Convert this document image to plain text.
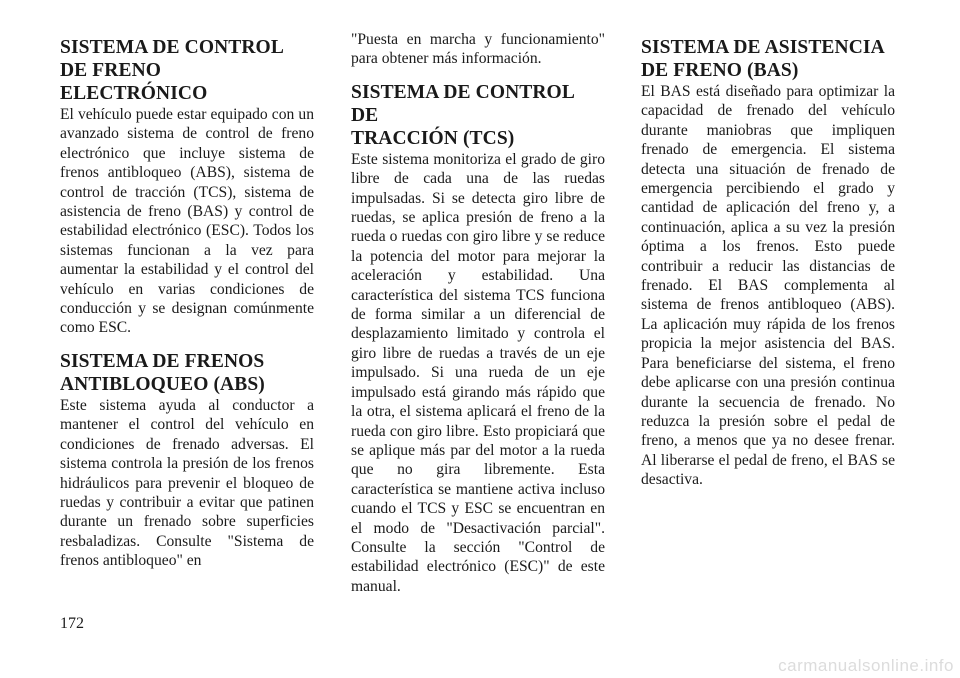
SISTEMA DE CONTROL
DE FRENO
ELECTRÓNICO

El vehículo puede estar equipado con un avanzado sistema de control de freno electrónico que incluye sistema de frenos antibloqueo (ABS), sistema de control de tracción (TCS), sistema de asistencia de freno (BAS) y control de estabilidad electrónico (ESC). Todos los sistemas funcionan a la vez para aumentar la estabilidad y el control del vehículo en varias condiciones de conducción y se designan comúnmente como ESC.

SISTEMA DE FRENOS
ANTIBLOQUEO (ABS)

Este sistema ayuda al conductor a mantener el control del vehículo en condiciones de frenado adversas. El sistema controla la presión de los frenos hidráulicos para prevenir el bloqueo de ruedas y contribuir a evitar que patinen durante un frenado sobre superficies resbaladizas. Consulte "Sistema de frenos antibloqueo" en

"Puesta en marcha y funcionamiento" para obtener más información.

SISTEMA DE CONTROL DE
TRACCIÓN (TCS)

Este sistema monitoriza el grado de giro libre de cada una de las ruedas impulsadas. Si se detecta giro libre de ruedas, se aplica presión de freno a la rueda o ruedas con giro libre y se reduce la potencia del motor para mejorar la aceleración y estabilidad. Una característica del sistema TCS funciona de forma similar a un diferencial de desplazamiento limitado y controla el giro libre de ruedas a través de un eje impulsado. Si una rueda de un eje impulsado está girando más rápido que la otra, el sistema aplicará el freno de la rueda con giro libre. Esto propiciará que se aplique más par del motor a la rueda que no gira libremente. Esta característica se mantiene activa incluso cuando el TCS y ESC se encuentran en el modo de "Desactivación parcial". Consulte la sección "Control de estabilidad electrónico (ESC)" de este manual.

SISTEMA DE ASISTENCIA
DE FRENO (BAS)

El BAS está diseñado para optimizar la capacidad de frenado del vehículo durante maniobras que impliquen frenado de emergencia. El sistema detecta una situación de frenado de emergencia percibiendo el grado y cantidad de aplicación del freno y, a continuación, aplica a su vez la presión óptima a los frenos. Esto puede contribuir a reducir las distancias de frenado. El BAS complementa al sistema de frenos antibloqueo (ABS). La aplicación muy rápida de los frenos propicia la mejor asistencia del BAS. Para beneficiarse del sistema, el freno debe aplicarse con una presión continua durante la secuencia de frenado. No reduzca la presión sobre el pedal de freno, a menos que ya no desee frenar. Al liberarse el pedal de freno, el BAS se desactiva.

172
carmanualsonline.info
